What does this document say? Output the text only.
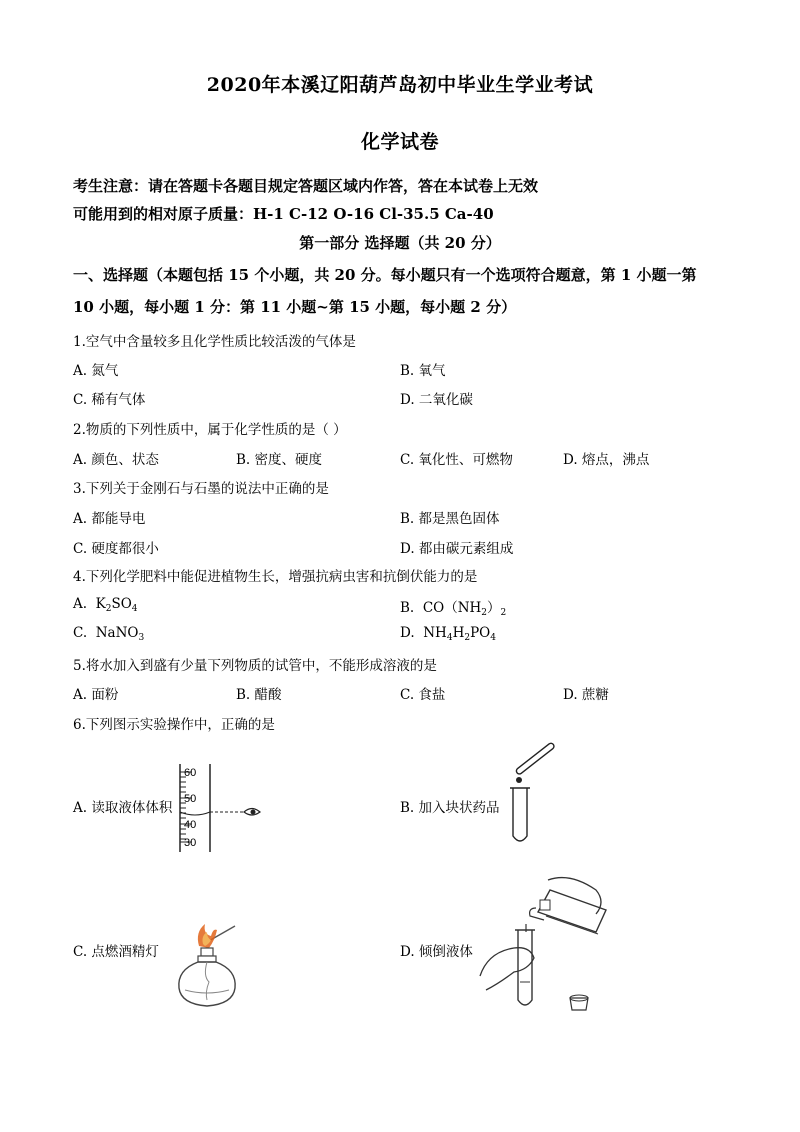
2020年本溪辽阳葫芦岛初中毕业生学业考试
化学试卷
考生注意：请在答题卡各题目规定答题区域内作答，答在本试卷上无效
可能用到的相对原子质量：H-1 C-12 O-16 Cl-35.5 Ca-40
第一部分 选择题（共 20 分）
一、选择题（本题包括 15 个小题，共 20 分。每小题只有一个选项符合题意，第 1 小题一第
10 小题，每小题 1 分：第 11 小题~第 15 小题，每小题 2 分）
1.空气中含量较多且化学性质比较活泼的气体是
A. 氮气	B. 氧气
C. 稀有气体	D. 二氧化碳
2.物质的下列性质中，属于化学性质的是（ ）
A. 颜色、状态	B. 密度、硬度	C. 氧化性、可燃物	D. 熔点，沸点
3.下列关于金刚石与石墨的说法中正确的是
A. 都能导电	B. 都是黑色固体
C. 硬度都很小	D. 都由碳元素组成
4.下列化学肥料中能促进植物生长，增强抗病虫害和抗倒伏能力的是
A. $K_2SO_4$	B. $CO(NH_2)_2$
C. NaNO$_3$	D. $NH_4H_2PO_4$
5.将水加入到盛有少量下列物质的试管中，不能形成溶液的是
A. 面粉	B. 醋酸	C. 食盐	D. 蔗糖
6.下列图示实验操作中，正确的是
A. 读取液体体积	B. 加入块状药品
C. 点燃酒精灯	D. 倾倒液体
60
50
40
30
